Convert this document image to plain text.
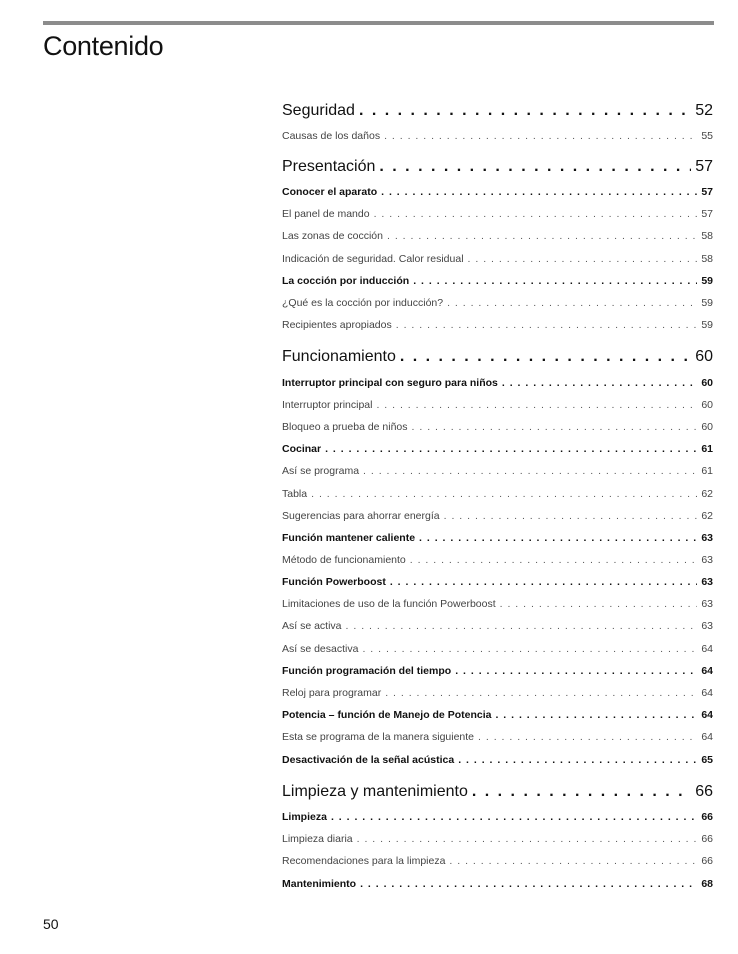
Contenido
Seguridad . . .	52
Causas de los daños . . .	55
Presentación . . .	57
Conocer el aparato . . .	57
El panel de mando . . .	57
Las zonas de cocción . . .	58
Indicación de seguridad. Calor residual . . .	58
La cocción por inducción . . .	59
¿Qué es la cocción por inducción? . . .	59
Recipientes apropiados . . .	59
Funcionamiento . . .	60
Interruptor principal con seguro para niños . . .	60
Interruptor principal . . .	60
Bloqueo a prueba de niños . . .	60
Cocinar . . .	61
Así se programa . . .	61
Tabla . . .	62
Sugerencias para ahorrar energía . . .	62
Función mantener caliente . . .	63
Método de funcionamiento . . .	63
Función Powerboost . . .	63
Limitaciones de uso de la función Powerboost . . .	63
Así se activa . . .	63
Así se desactiva . . .	64
Función programación del tiempo . . .	64
Reloj para programar . . .	64
Potencia – función de Manejo de Potencia . . .	64
Esta se programa de la manera siguiente . . .	64
Desactivación de la señal acústica . . .	65
Limpieza y mantenimiento . . .	66
Limpieza . . .	66
Limpieza diaria . . .	66
Recomendaciones para la limpieza . . .	66
Mantenimiento . . .	68
50
